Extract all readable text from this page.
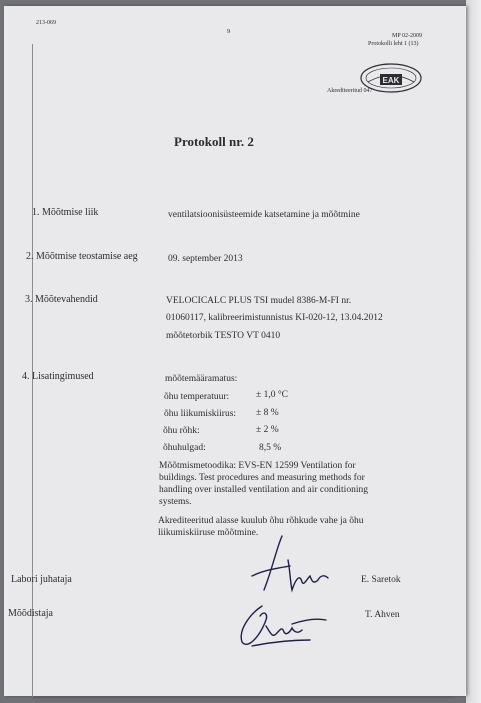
213-069
9
MP 02-2009
Protokolli leht 1 (13)
EAK
Akrediteeritud 047
Protokoll nr. 2
1. Mõõtmise liik	ventilatsioonisüsteemide katsetamine ja mõõtmine
2. Mõõtmise teostamise aeg	09. september 2013
3. Mõõtevahendid	VELOCICALC PLUS TSI mudel 8386-M-FI nr.
01060117, kalibreerimistunnistus KI-020-12, 13.04.2012
mõõtetorbik TESTO VT 0410
4. Lisatingimused	mõõtemääramatus:
õhu temperatuur:	± 1,0 °C
õhu liikumiskiirus: ± 8 %
õhu rõhk:	± 2 %
õhuhulgad:	8,5 %
Mõõtmismetoodika: EVS-EN 12599 Ventilation for
buildings. Test procedures and measuring methods for
handling over installed ventilation and air conditioning
systems.
Akrediteeritud alasse kuulub õhu rõhkude vahe ja õhu
liikumiskiiruse mõõtmine.
Labori juhataja	E. Saretok
Mõõdistaja	T. Ahven
